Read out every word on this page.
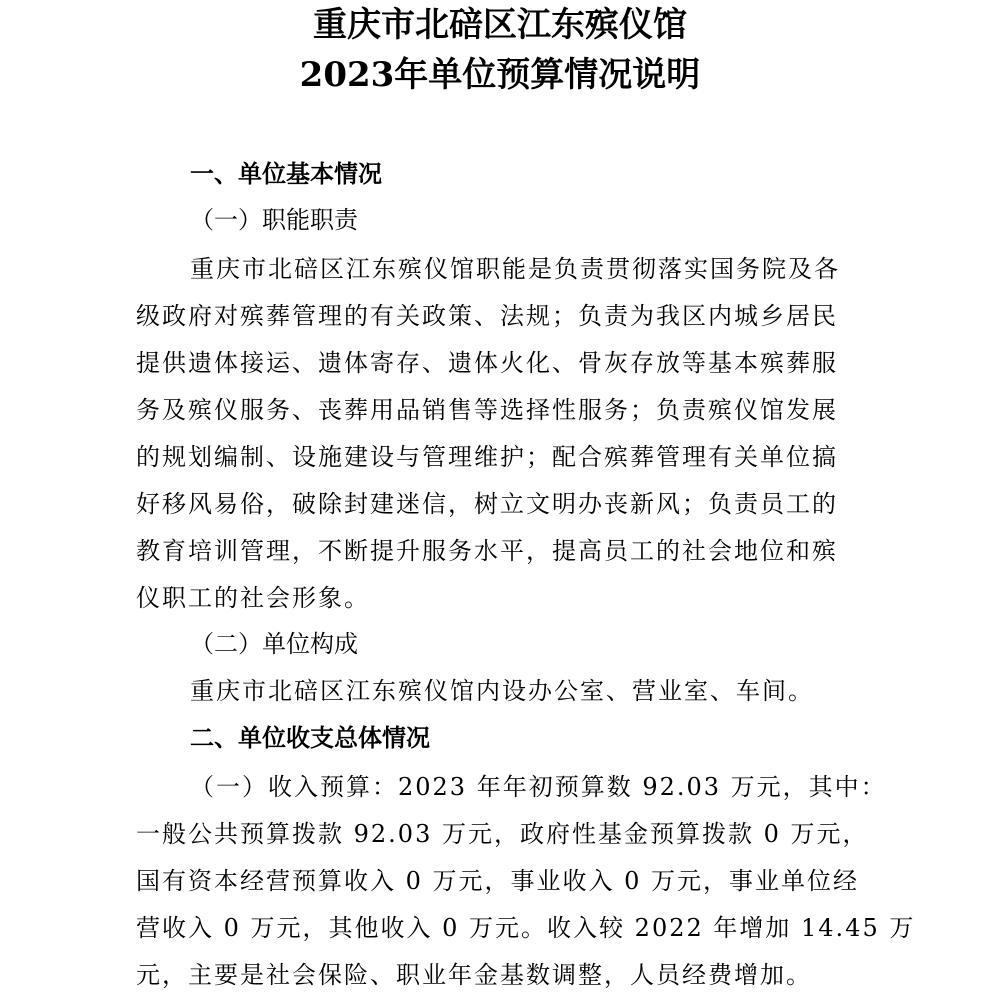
重庆市北碚区江东殡仪馆
2023年单位预算情况说明
一、单位基本情况
（一）职能职责
重庆市北碚区江东殡仪馆职能是负责贯彻落实国务院及各
级政府对殡葬管理的有关政策、法规；负责为我区内城乡居民
提供遗体接运、遗体寄存、遗体火化、骨灰存放等基本殡葬服
务及殡仪服务、丧葬用品销售等选择性服务；负责殡仪馆发展
的规划编制、设施建设与管理维护；配合殡葬管理有关单位搞
好移风易俗，破除封建迷信，树立文明办丧新风；负责员工的
教育培训管理，不断提升服务水平，提高员工的社会地位和殡
仪职工的社会形象。
（二）单位构成
重庆市北碚区江东殡仪馆内设办公室、营业室、车间。
二、单位收支总体情况
（一）收入预算：2023 年年初预算数 92.03 万元，其中：
一般公共预算拨款 92.03 万元，政府性基金预算拨款 0 万元，
国有资本经营预算收入 0 万元，事业收入 0 万元，事业单位经
营收入 0 万元，其他收入 0 万元。收入较 2022 年增加 14.45 万
元，主要是社会保险、职业年金基数调整，人员经费增加。
